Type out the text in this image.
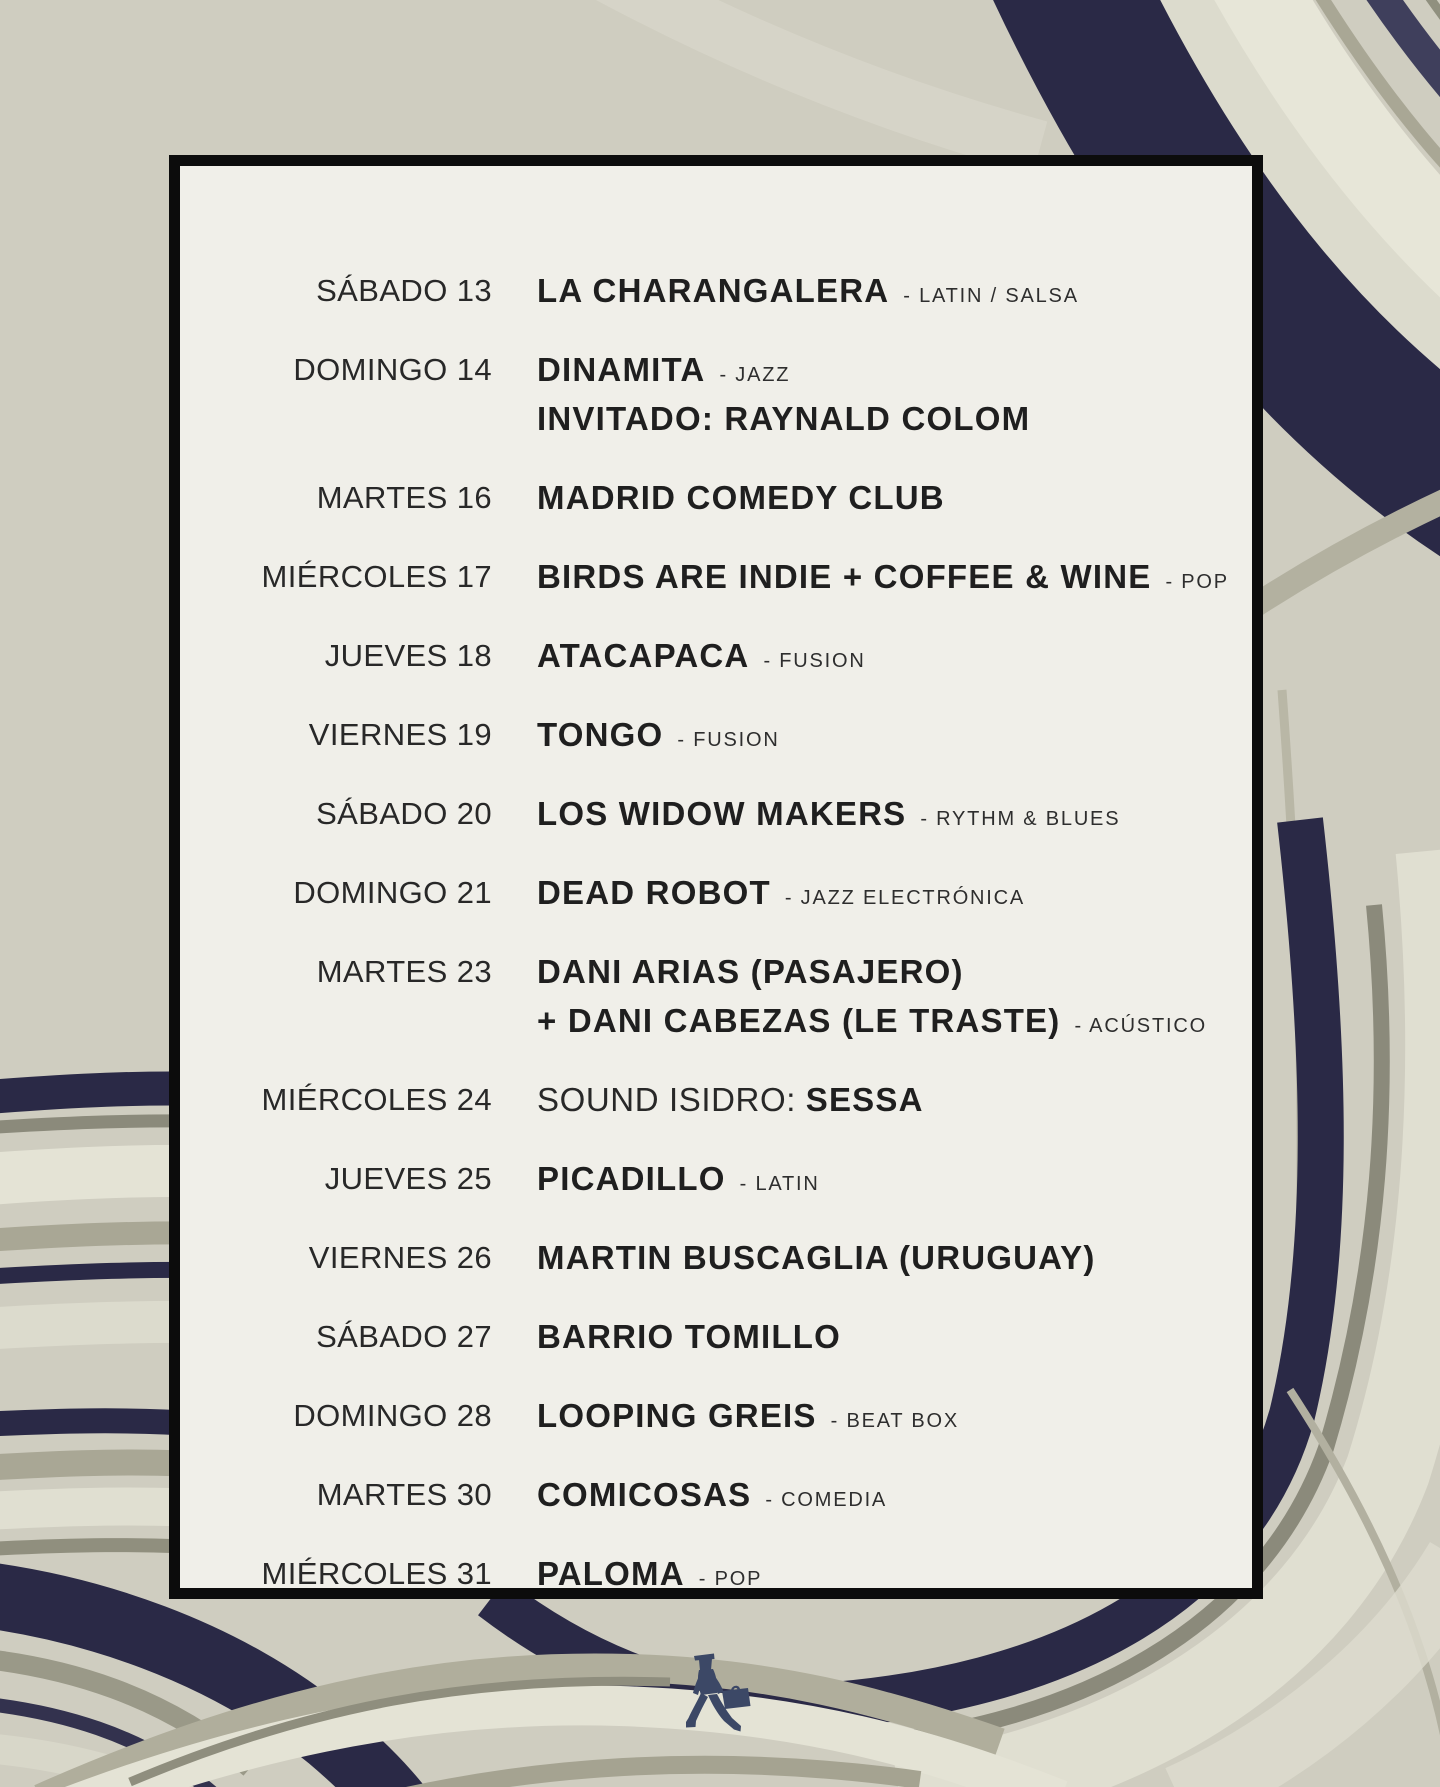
SÁBADO 13 LA CHARANGALERA - LATIN / SALSA
DOMINGO 14 DINAMITA - JAZZ
INVITADO: RAYNALD COLOM
MARTES 16 MADRID COMEDY CLUB
MIÉRCOLES 17 BIRDS ARE INDIE + COFFEE & WINE - POP
JUEVES 18 ATACAPACA - FUSION
VIERNES 19 TONGO - FUSION
SÁBADO 20 LOS WIDOW MAKERS - RYTHM & BLUES
DOMINGO 21 DEAD ROBOT - JAZZ ELECTRÓNICA
MARTES 23 DANI ARIAS (PASAJERO)
+ DANI CABEZAS (LE TRASTE) - ACÚSTICO
MIÉRCOLES 24 SOUND ISIDRO: SESSA
JUEVES 25 PICADILLO - LATIN
VIERNES 26 MARTIN BUSCAGLIA (URUGUAY)
SÁBADO 27 BARRIO TOMILLO
DOMINGO 28 LOOPING GREIS - BEAT BOX
MARTES 30 COMICOSAS - COMEDIA
MIÉRCOLES 31 PALOMA - POP
